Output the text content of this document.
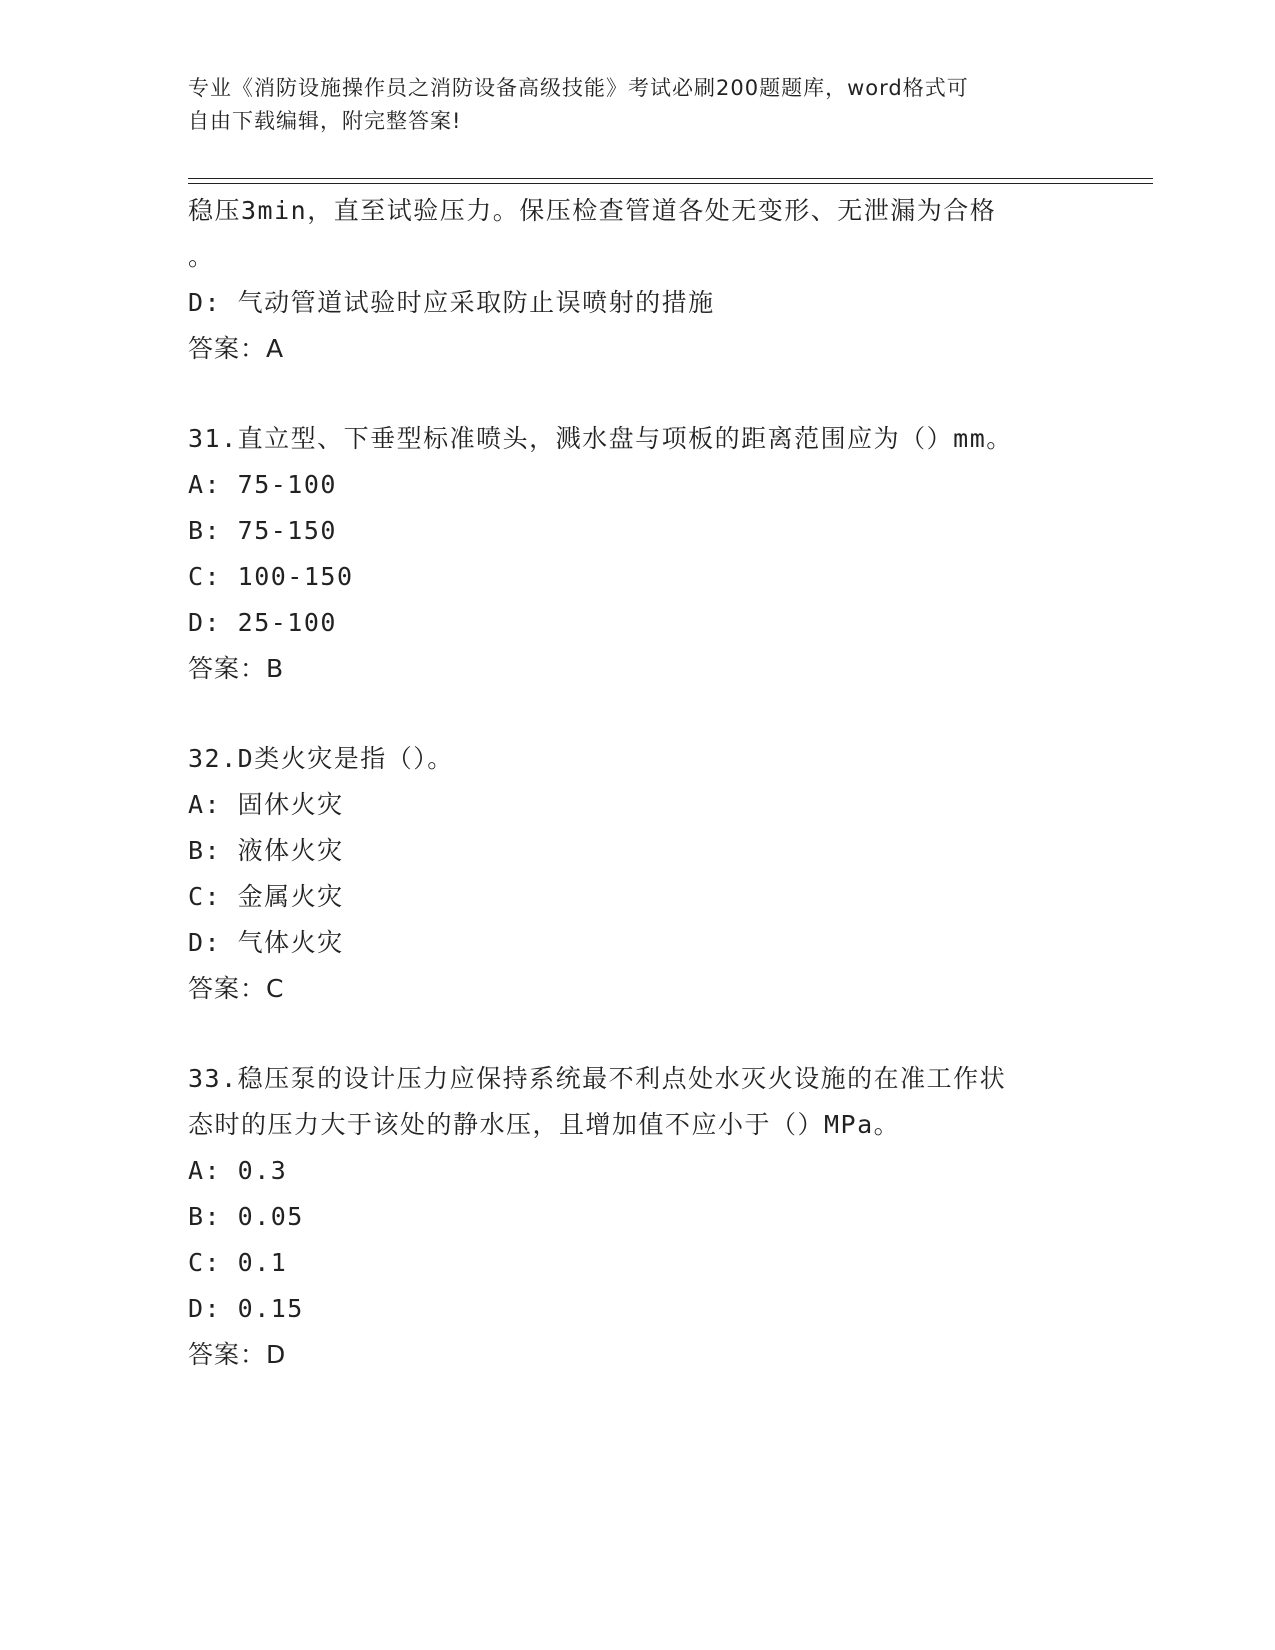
专业《消防设施操作员之消防设备高级技能》考试必刷200题题库，word格式可
自由下载编辑，附完整答案!
稳压3min，直至试验压力。保压检查管道各处无变形、无泄漏为合格
。
D: 气动管道试验时应采取防止误喷射的措施
答案：A
31.直立型、下垂型标准喷头，溅水盘与项板的距离范围应为（）mm。
A: 75-100
B: 75-150
C: 100-150
D: 25-100
答案：B
32.D类火灾是指（）。
A: 固休火灾
B: 液体火灾
C: 金属火灾
D: 气体火灾
答案：C
33.稳压泵的设计压力应保持系统最不利点处水灭火设施的在准工作状
态时的压力大于该处的静水压，且增加值不应小于（）MPa。
A: 0.3
B: 0.05
C: 0.1
D: 0.15
答案：D
